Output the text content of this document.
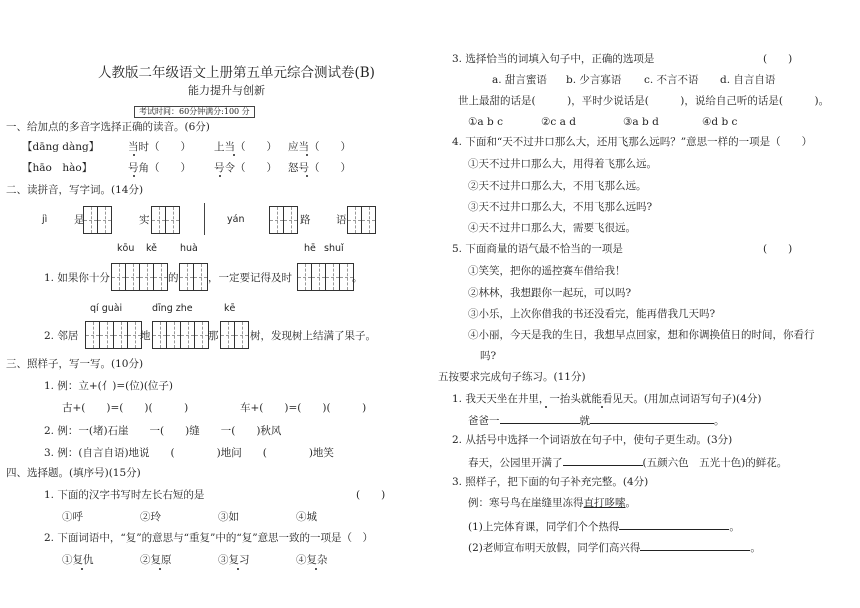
人教版二年级语文上册第五单元综合测试卷(B)
能力提升与创新
考试时间：60分钟满分:100 分
一、给加点的多音字选择正确的读音。(6分)
【dāng dàng】	当时（　　） 上当（　　） 应当（　　）
【hāo　hào】	号角（　　） 号令（　　） 怒号（　　）
二、读拼音，写字词。(14分)
jì	是	实	yán	路 语
kōu kě huà	hē shuǐ
1. 如果你十分	的	，一定要记得及时	。
qí guài	dīng zhe	kē
2. 邻居	地	那	树，发现树上结满了果子。
三、照样子，写一写。(10分)
1. 例：立+(亻)=(位)(位子)
古+(　　)=(　　)(　　　)	车+(　　)=(　　)(　　　)
2. 例：一(堵)石崖　　一(　　)缝　　一(　　)秋风
3. 例：(自言自语)地说　　(　　　　)地问　　(　　　　)地笑
四、选择题。(填序号)(15分)
1. 下面的汉字书写时左长右短的是	(　　)
①呼	②玲	③如	④城
2. 下面词语中，“复”的意思与“重复”中的“复”意思一致的一项是（　）
①复仇	②复原	③复习	④复杂
3. 选择恰当的词填入句子中，正确的选项是	(　　)
a. 甜言蜜语 b. 少言寡语 c. 不言不语 d. 自言自语
世上最甜的话是(　　　)，平时少说话是(　　　)，说给自己听的话是(　　　)。
①a b c	②c a d	③a b d	④d b c
4. 下面和“天不过井口那么大，还用飞那么远吗？”意思一样的一项是（　　）
①天不过井口那么大，用得着飞那么远。
②天不过井口那么大，不用飞那么远。
③天不过井口那么大，不用飞那么远吗?
④天不过井口那么大，需要飞很远。
5. 下面商量的语气最不恰当的一项是	(　　)
①笑笑，把你的遥控赛车借给我！
②林林，我想跟你一起玩，可以吗?
③小乐，上次你借我的书还没看完，能再借我几天吗?
④小丽，今天是我的生日，我想早点回家，想和你调换值日的时间，你看行
吗?
五按要求完成句子练习。(11分)
1. 我天天坐在井里，一抬头就能看见天。(用加点词语写句子)(4分)
爸爸一	就	。
2. 从括号中选择一个词语放在句子中，使句子更生动。(3分)
春天，公园里开满了	(五颜六色　五光十色)的鲜花。
3. 照样子，把下面的句子补充完整。(4分)
例：寒号鸟在崖缝里冻得直打哆嗦。
(1)上完体育课，同学们个个热得	。
(2)老师宣布明天放假，同学们高兴得	。
